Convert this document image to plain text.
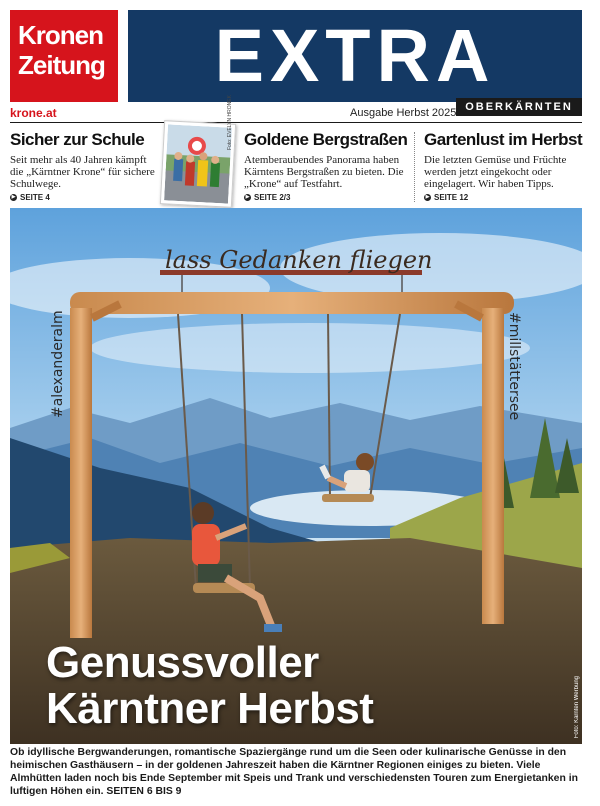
Kronen
Zeitung	EXTRA
krone.at	Ausgabe Herbst 2025 OBERKÄRNTEN
Sicher zur Schule

Seit mehr als 40 Jahren kämpft die „Kärntner Krone“ für sichere Schulwege.

▶ SEITE 4
Foto: EVELYN HRONEK Goldene Bergstraßen

Atemberaubendes Panorama haben Kärntens Bergstraßen zu bieten. Die „Krone“ auf Testfahrt.

▶ SEITE 2/3
Gartenlust im Herbst

Die letzten Gemüse und Früchte werden jetzt eingekocht oder eingelagert. Wir haben Tipps.

▶ SEITE 12
lass Gedanken fliegen
#alexanderalm	#millstättersee
Genussvoller
Kärntner Herbst	Foto: Kärnten Werbung
Ob idyllische Bergwanderungen, romantische Spaziergänge rund um die Seen oder kulinarische Genüsse in den heimischen Gasthäusern – in der goldenen Jahreszeit haben die Kärntner Regionen einiges zu bieten. Viele Almhütten laden noch bis Ende September mit Speis und Trank und verschiedensten Touren zum Energietanken in luftigen Höhen ein. SEITEN 6 BIS 9
